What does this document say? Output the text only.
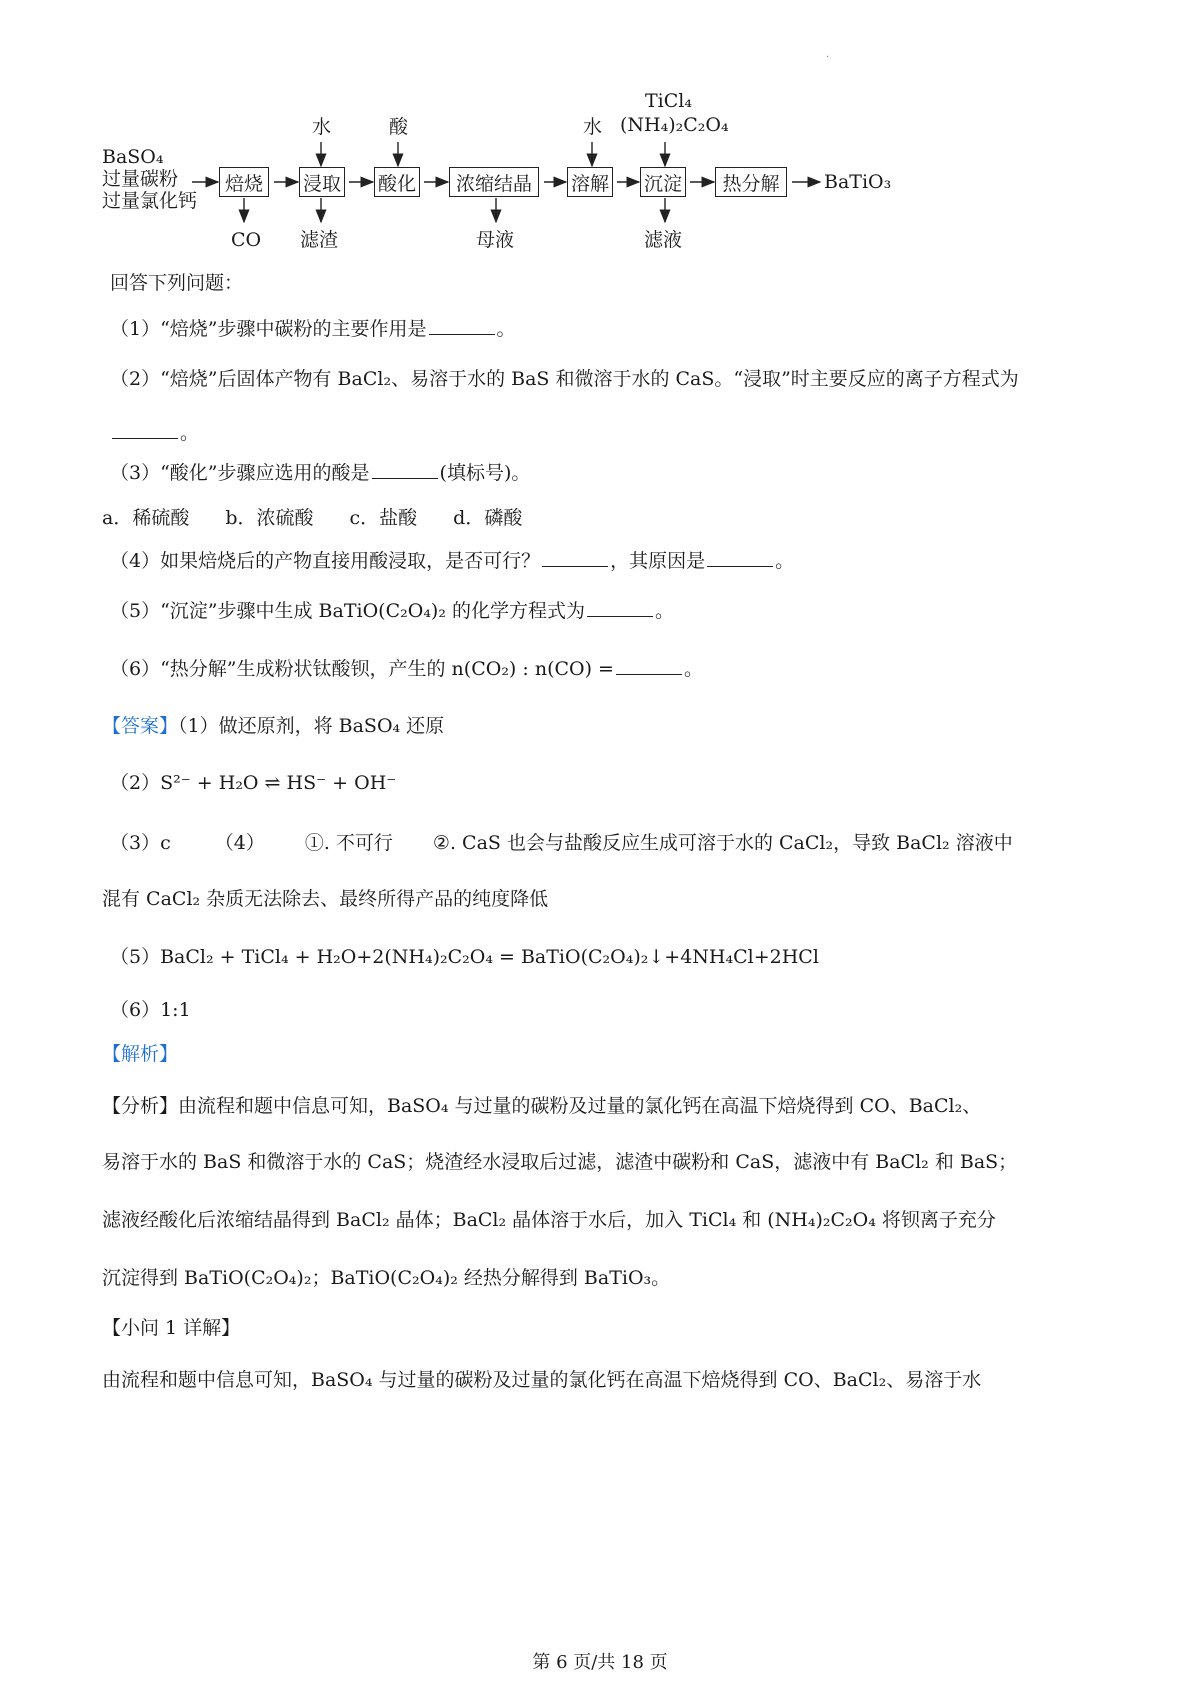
·
BaSO₄
过量碳粉
过量氯化钙
焙烧	浸取 酸化	浓缩结晶	溶解 沉淀	热分解	BaTiO₃
水	酸	水
TiCl₄
(NH₄)₂C₂O₄
CO 滤渣	母液	滤液
回答下列问题：
（1）“焙烧”步骤中碳粉的主要作用是	。
（2）“焙烧”后固体产物有 BaCl₂、易溶于水的 BaS 和微溶于水的 CaS。“浸取”时主要反应的离子方程式为
。
（3）“酸化”步骤应选用的酸是	(填标号)。
a．稀硫酸 b．浓硫酸 c．盐酸 d．磷酸
（4）如果焙烧后的产物直接用酸浸取，是否可行？	，其原因是	。
（5）“沉淀”步骤中生成 BaTiO(C₂O₄)₂ 的化学方程式为	。
（6）“热分解”生成粉状钛酸钡，产生的 n(CO₂) : n(CO) =	。
【答案】（1）做还原剂，将 BaSO₄ 还原
（2）S²⁻ + H₂O ⇌ HS⁻ + OH⁻
（3）c （4） ①. 不可行 ②. CaS 也会与盐酸反应生成可溶于水的 CaCl₂，导致 BaCl₂ 溶液中
混有 CaCl₂ 杂质无法除去、最终所得产品的纯度降低
（5）BaCl₂ + TiCl₄ + H₂O+2(NH₄)₂C₂O₄ = BaTiO(C₂O₄)₂↓+4NH₄Cl+2HCl
（6）1:1
【解析】
【分析】由流程和题中信息可知，BaSO₄ 与过量的碳粉及过量的氯化钙在高温下焙烧得到 CO、BaCl₂、
易溶于水的 BaS 和微溶于水的 CaS；烧渣经水浸取后过滤，滤渣中碳粉和 CaS，滤液中有 BaCl₂ 和 BaS；
滤液经酸化后浓缩结晶得到 BaCl₂ 晶体；BaCl₂ 晶体溶于水后，加入 TiCl₄ 和 (NH₄)₂C₂O₄ 将钡离子充分
沉淀得到 BaTiO(C₂O₄)₂；BaTiO(C₂O₄)₂ 经热分解得到 BaTiO₃。
【小问 1 详解】
由流程和题中信息可知，BaSO₄ 与过量的碳粉及过量的氯化钙在高温下焙烧得到 CO、BaCl₂、易溶于水
第 6 页/共 18 页
